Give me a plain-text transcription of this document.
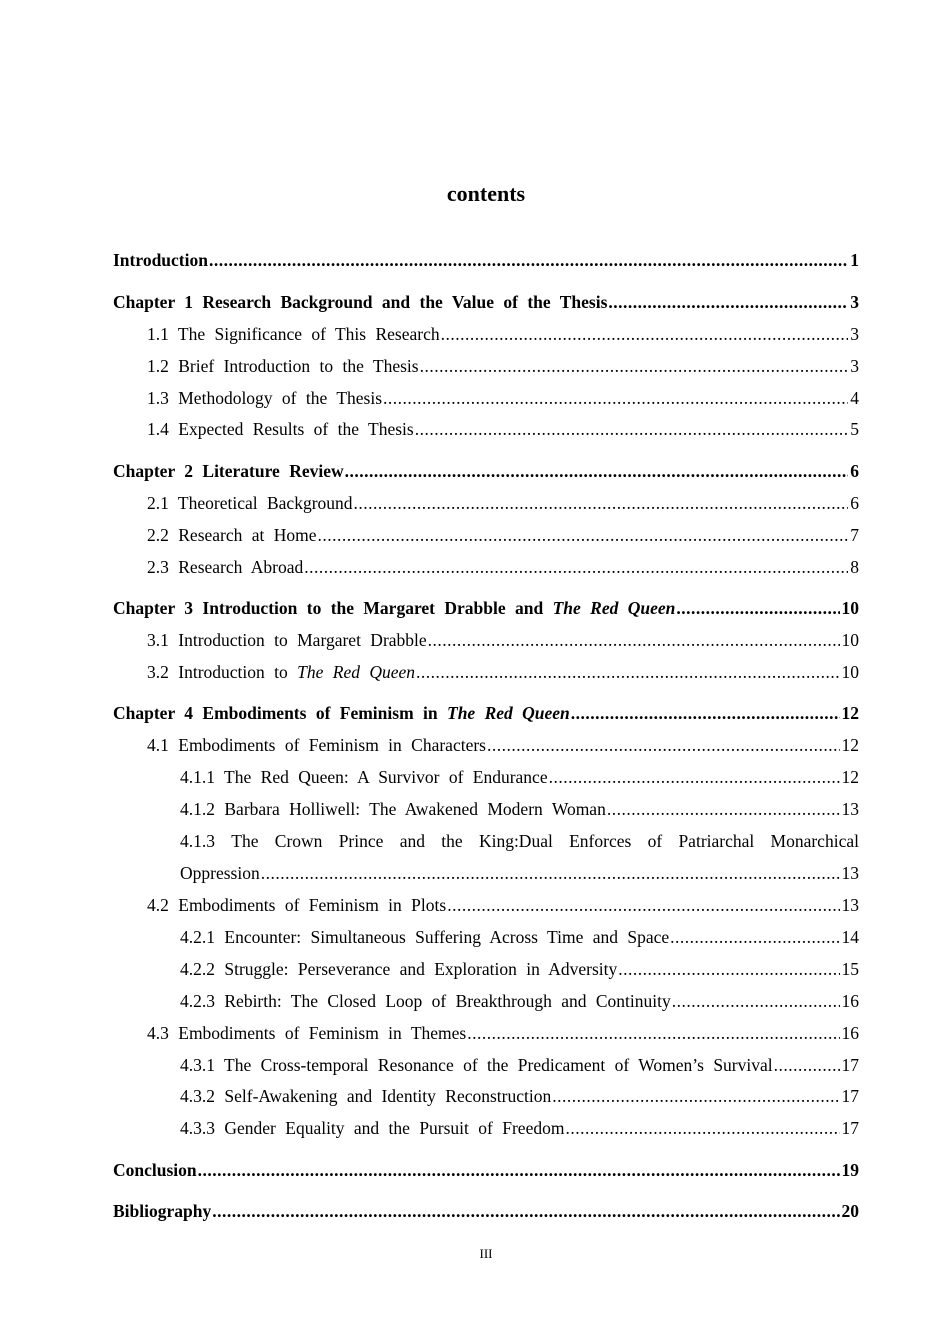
contents
Introduction .....	1
Chapter 1 Research Background and the Value of the Thesis .....	3
1.1 The Significance of This Research .....	3
1.2 Brief Introduction to the Thesis .....	3
1.3 Methodology of the Thesis .....	4
1.4 Expected Results of the Thesis .....	5
Chapter 2 Literature Review .....	6
2.1 Theoretical Background .....	6
2.2 Research at Home .....	7
2.3 Research Abroad .....	8
Chapter 3 Introduction to the Margaret Drabble and The Red Queen .....	10
3.1 Introduction to Margaret Drabble .....	10
3.2 Introduction to The Red Queen .....	10
Chapter 4 Embodiments of Feminism in The Red Queen .....	12
4.1 Embodiments of Feminism in Characters .....	12
4.1.1 The Red Queen: A Survivor of Endurance .....	12
4.1.2 Barbara Holliwell: The Awakened Modern Woman .....	13
4.1.3 The Crown Prince and the King:Dual Enforces of Patriarchal Monarchical
Oppression .....	13
4.2 Embodiments of Feminism in Plots .....	13
4.2.1 Encounter: Simultaneous Suffering Across Time and Space .....	14
4.2.2 Struggle: Perseverance and Exploration in Adversity .....	15
4.2.3 Rebirth: The Closed Loop of Breakthrough and Continuity .....	16
4.3 Embodiments of Feminism in Themes .....	16
4.3.1 The Cross-temporal Resonance of the Predicament of Women’s Survival .....	17
4.3.2 Self-Awakening and Identity Reconstruction .....	17
4.3.3 Gender Equality and the Pursuit of Freedom .....	17
Conclusion .....	19
Bibliography .....	20
III
